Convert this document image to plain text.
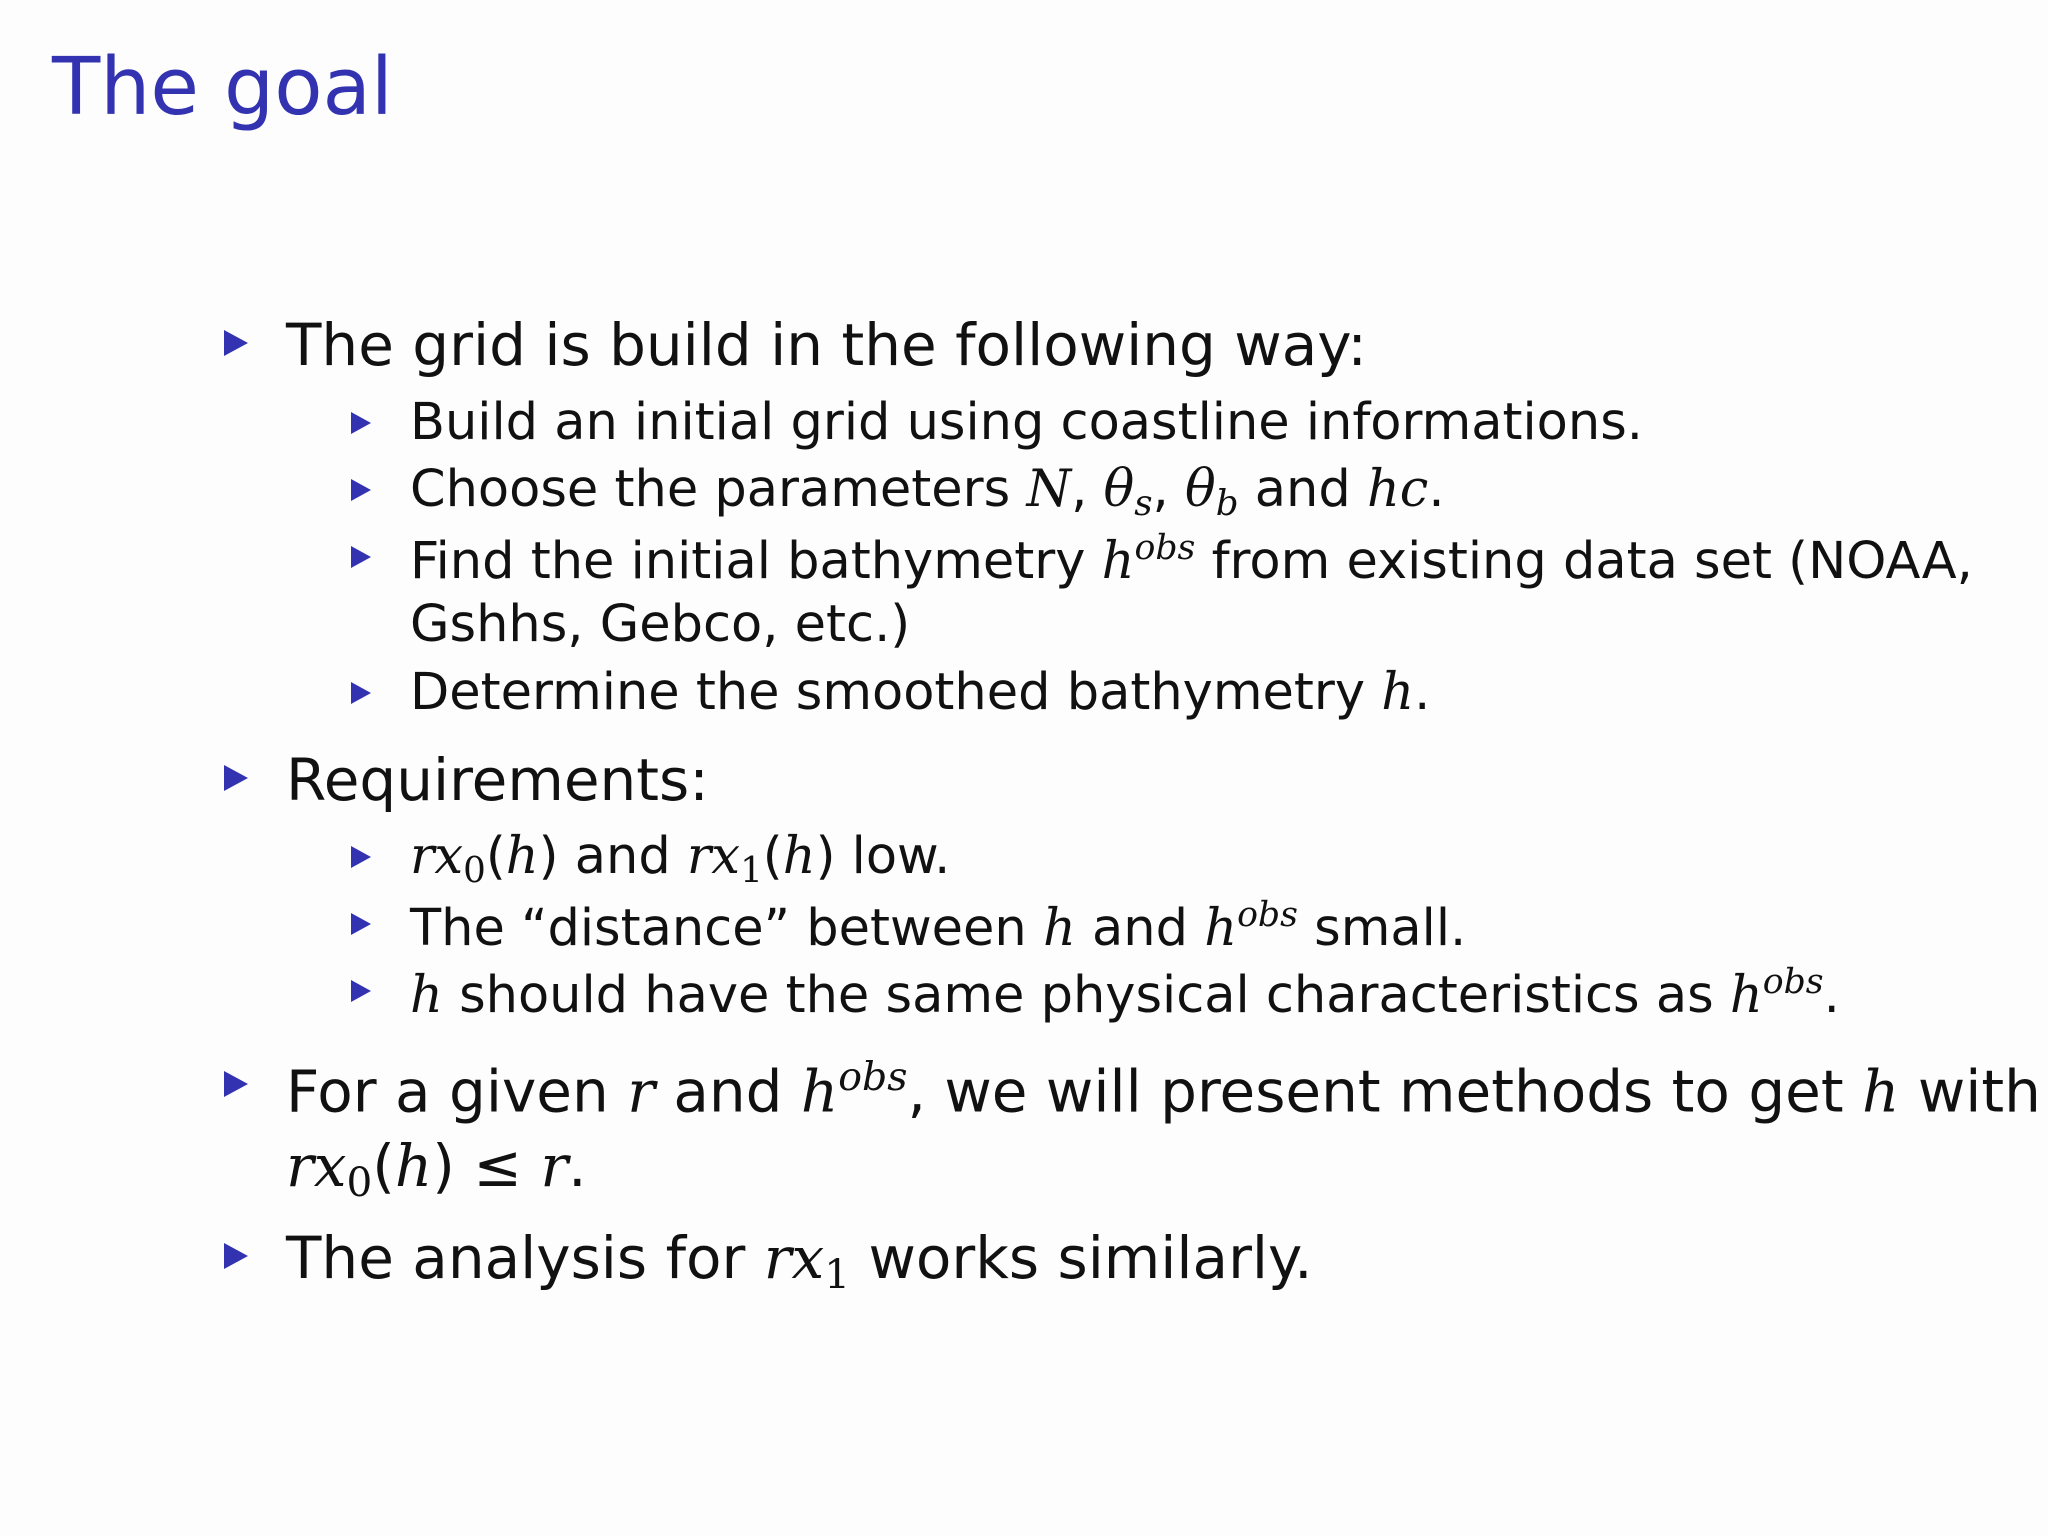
The goal
The grid is build in the following way:
Build an initial grid using coastline informations.
Choose the parameters N, θs, θb and hc.
Find the initial bathymetry $h^{obs}$ from existing data set (NOAA,
Gshhs, Gebco, etc.)
Determine the smoothed bathymetry h.
Requirements:
$rx_0(h)$ and $rx_1(h)$ low.
The “distance” between h and $h^{obs}$ small.
h should have the same physical characteristics as $h^{obs}$.
For a given r and $h^{obs}$, we will present methods to get h with
$rx_0(h) \le r$.
The analysis for $rx_1$ works similarly.
